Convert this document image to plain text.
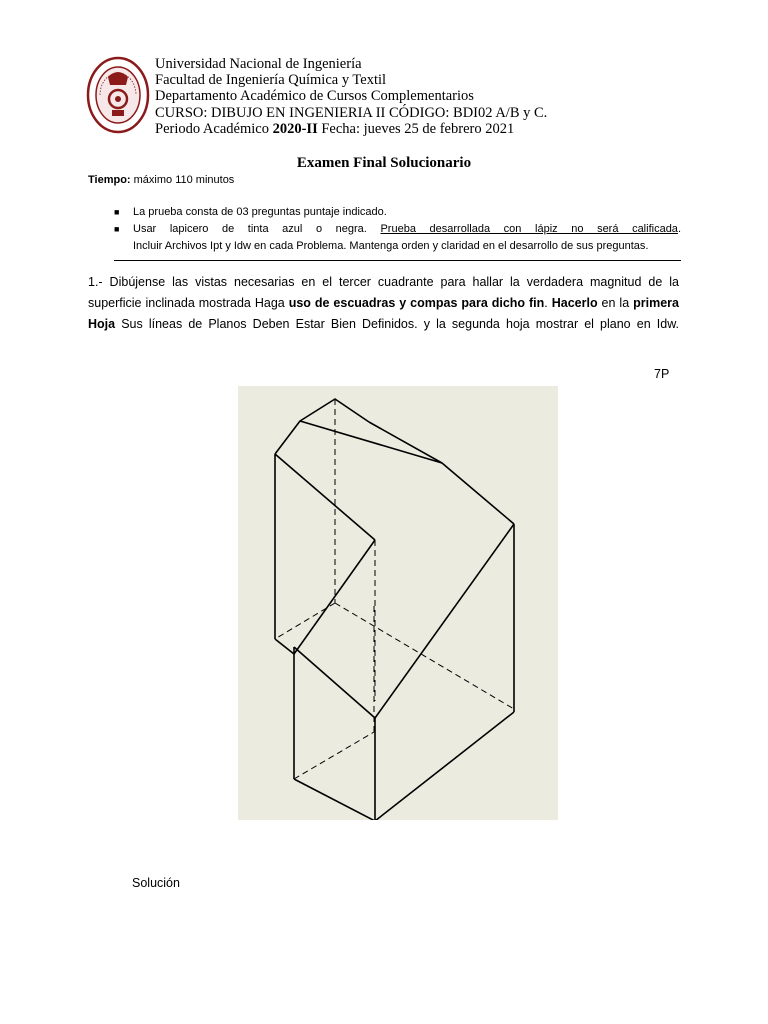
Universidad Nacional de Ingeniería
Facultad de Ingeniería Química y Textil
Departamento Académico de Cursos Complementarios
CURSO: DIBUJO EN INGENIERIA II CÓDIGO: BDI02 A/B y C.
Periodo Académico 2020-II Fecha: jueves 25 de febrero 2021
Examen Final Solucionario
Tiempo: máximo 110 minutos
■ La prueba consta de 03 preguntas puntaje indicado.
■ Usar lapicero de tinta azul o negra. Prueba desarrollada con lápiz no será calificada.
Incluir Archivos Ipt y Idw en cada Problema. Mantenga orden y claridad en el desarrollo de sus preguntas.
1.- Dibújense las vistas necesarias en el tercer cuadrante para hallar la verdadera magnitud de la
superficie inclinada mostrada Haga uso de escuadras y compas para dicho fin. Hacerlo en la primera
Hoja Sus líneas de Planos Deben Estar Bien Definidos. y la segunda hoja mostrar el plano en Idw.
7P
Solución
